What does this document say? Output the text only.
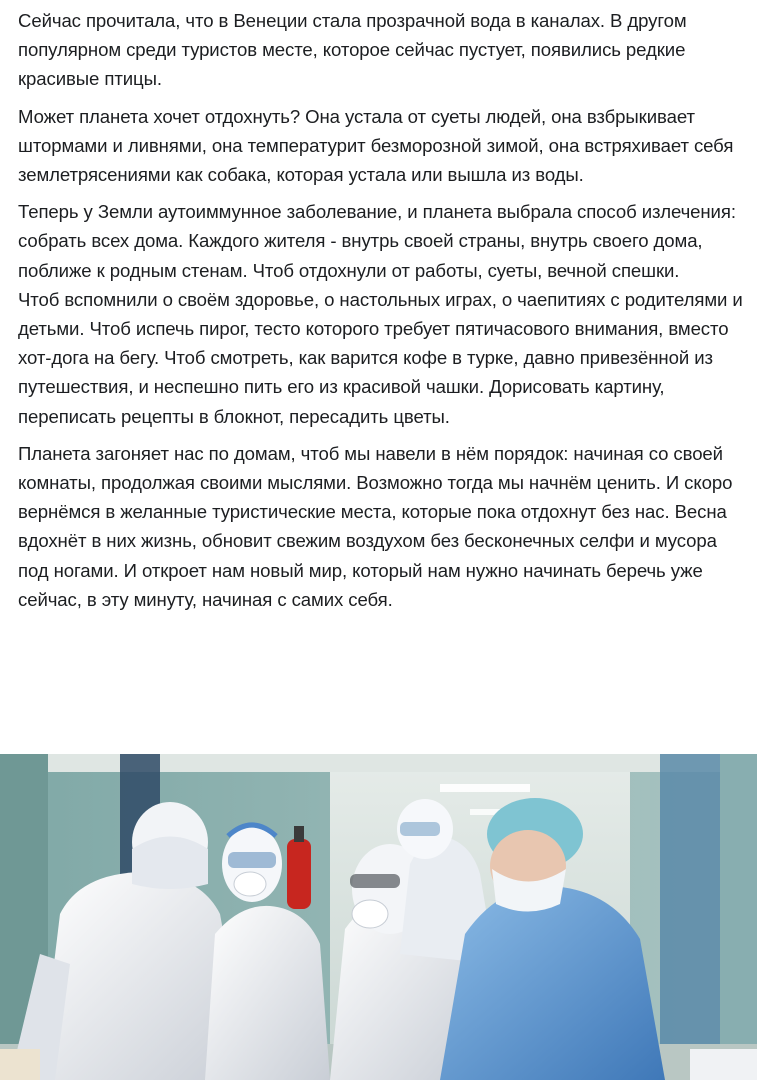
Сейчас прочитала, что в Венеции стала прозрачной вода в каналах. В другом популярном среди туристов месте, которое сейчас пустует, появились редкие красивые птицы.

Может планета хочет отдохнуть? Она устала от суеты людей, она взбрыкивает штормами и ливнями, она температурит безморозной зимой, она встряхивает себя землетрясениями как собака, которая устала или вышла из воды.

Теперь у Земли аутоиммунное заболевание, и планета выбрала способ излечения: собрать всех дома. Каждого жителя - внутрь своей страны, внутрь своего дома, поближе к родным стенам. Чтоб отдохнули от работы, суеты, вечной спешки.

Чтоб вспомнили о своём здоровье, о настольных играх, о чаепитиях с родителями и детьми. Чтоб испечь пирог, тесто которого требует пятичасового внимания, вместо хот-дога на бегу. Чтоб смотреть, как варится кофе в турке, давно привезённой из путешествия, и неспешно пить его из красивой чашки. Дорисовать картину, переписать рецепты в блокнот, пересадить цветы.

Планета загоняет нас по домам, чтоб мы навели в нём порядок: начиная со своей комнаты, продолжая своими мыслями. Возможно тогда мы начнём ценить. И скоро вернёмся в желанные туристические места, которые пока отдохнут без нас. Весна вдохнёт в них жизнь, обновит свежим воздухом без бесконечных селфи и мусора под ногами. И откроет нам новый мир, который нам нужно начинать беречь уже сейчас, в эту минуту, начиная с самих себя.
